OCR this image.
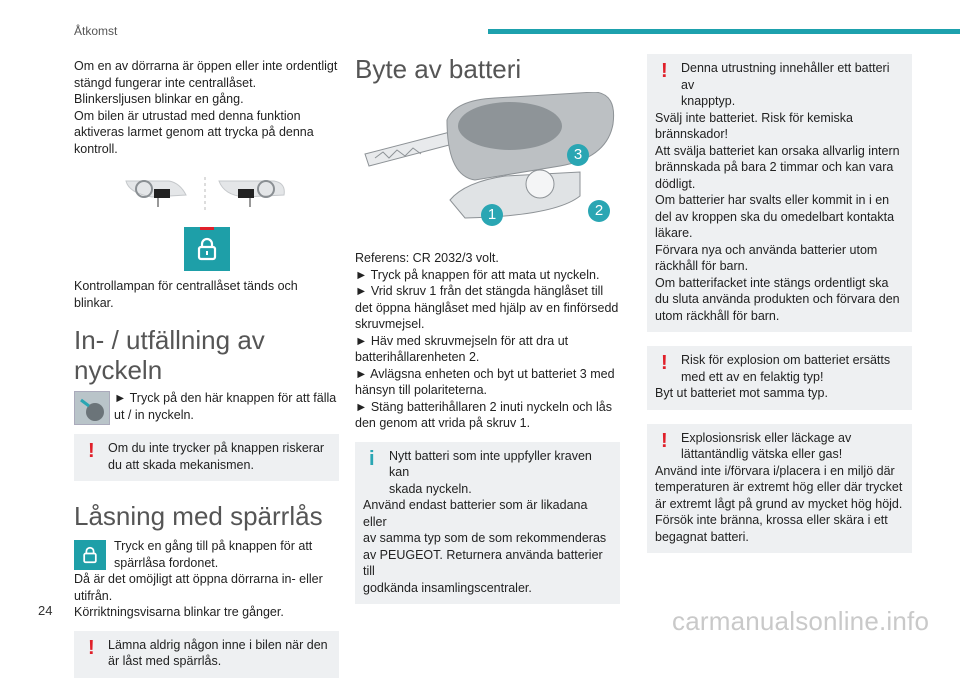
Åtkomst

Om en av dörrarna är öppen eller inte ordentligt

stängd fungerar inte centrallåset.

Blinkersljusen blinkar en gång.

Om bilen är utrustad med denna funktion

aktiveras larmet genom att trycka på denna

kontroll.

Kontrollampan för centrallåset tänds och blinkar.

In- / utfällning av nyckeln

► Tryck på den här knappen för att fälla

ut / in nyckeln.

!	Om du inte trycker på knappen riskerar

du att skada mekanismen.

Låsning med spärrlås

Tryck en gång till på knappen för att

spärrlåsa fordonet.

Då är det omöjligt att öppna dörrarna in- eller

utifrån.

Körriktningsvisarna blinkar tre gånger.

!	Lämna aldrig någon inne i bilen när den

är låst med spärrlås.

Byte av batteri
1	2
3

Referens: CR 2032/3 volt.

► Tryck på knappen för att mata ut nyckeln.

► Vrid skruv 1 från det stängda hänglåset till

det öppna hänglåset med hjälp av en finförsedd

skruvmejsel.

► Häv med skruvmejseln för att dra ut

batterihållarenheten 2.

► Avlägsna enheten och byt ut batteriet 3 med

hänsyn till polariteterna.

► Stäng batterihållaren 2 inuti nyckeln och lås

den genom att vrida på skruv 1.

i	Nytt batteri som inte uppfyller kraven kan

skada nyckeln.

Använd endast batterier som är likadana eller

av samma typ som de som rekommenderas

av PEUGEOT. Returnera använda batterier till

godkända insamlingscentraler.

!	Denna utrustning innehåller ett batteri av

knapptyp.

Svälj inte batteriet. Risk för kemiska

brännskador!

Att svälja batteriet kan orsaka allvarlig intern

brännskada på bara 2 timmar och kan vara

dödligt.

Om batterier har svalts eller kommit in i en

del av kroppen ska du omedelbart kontakta

läkare.

Förvara nya och använda batterier utom

räckhåll för barn.

Om batterifacket inte stängs ordentligt ska

du sluta använda produkten och förvara den

utom räckhåll för barn.

!	Risk för explosion om batteriet ersätts

med ett av en felaktig typ!

Byt ut batteriet mot samma typ.

!	Explosionsrisk eller läckage av

lättantändlig vätska eller gas!

Använd inte i/förvara i/placera i en miljö där

temperaturen är extremt hög eller där trycket

är extremt lågt på grund av mycket hög höjd.

Försök inte bränna, krossa eller skära i ett

begagnat batteri.

24	carmanualsonline.info
